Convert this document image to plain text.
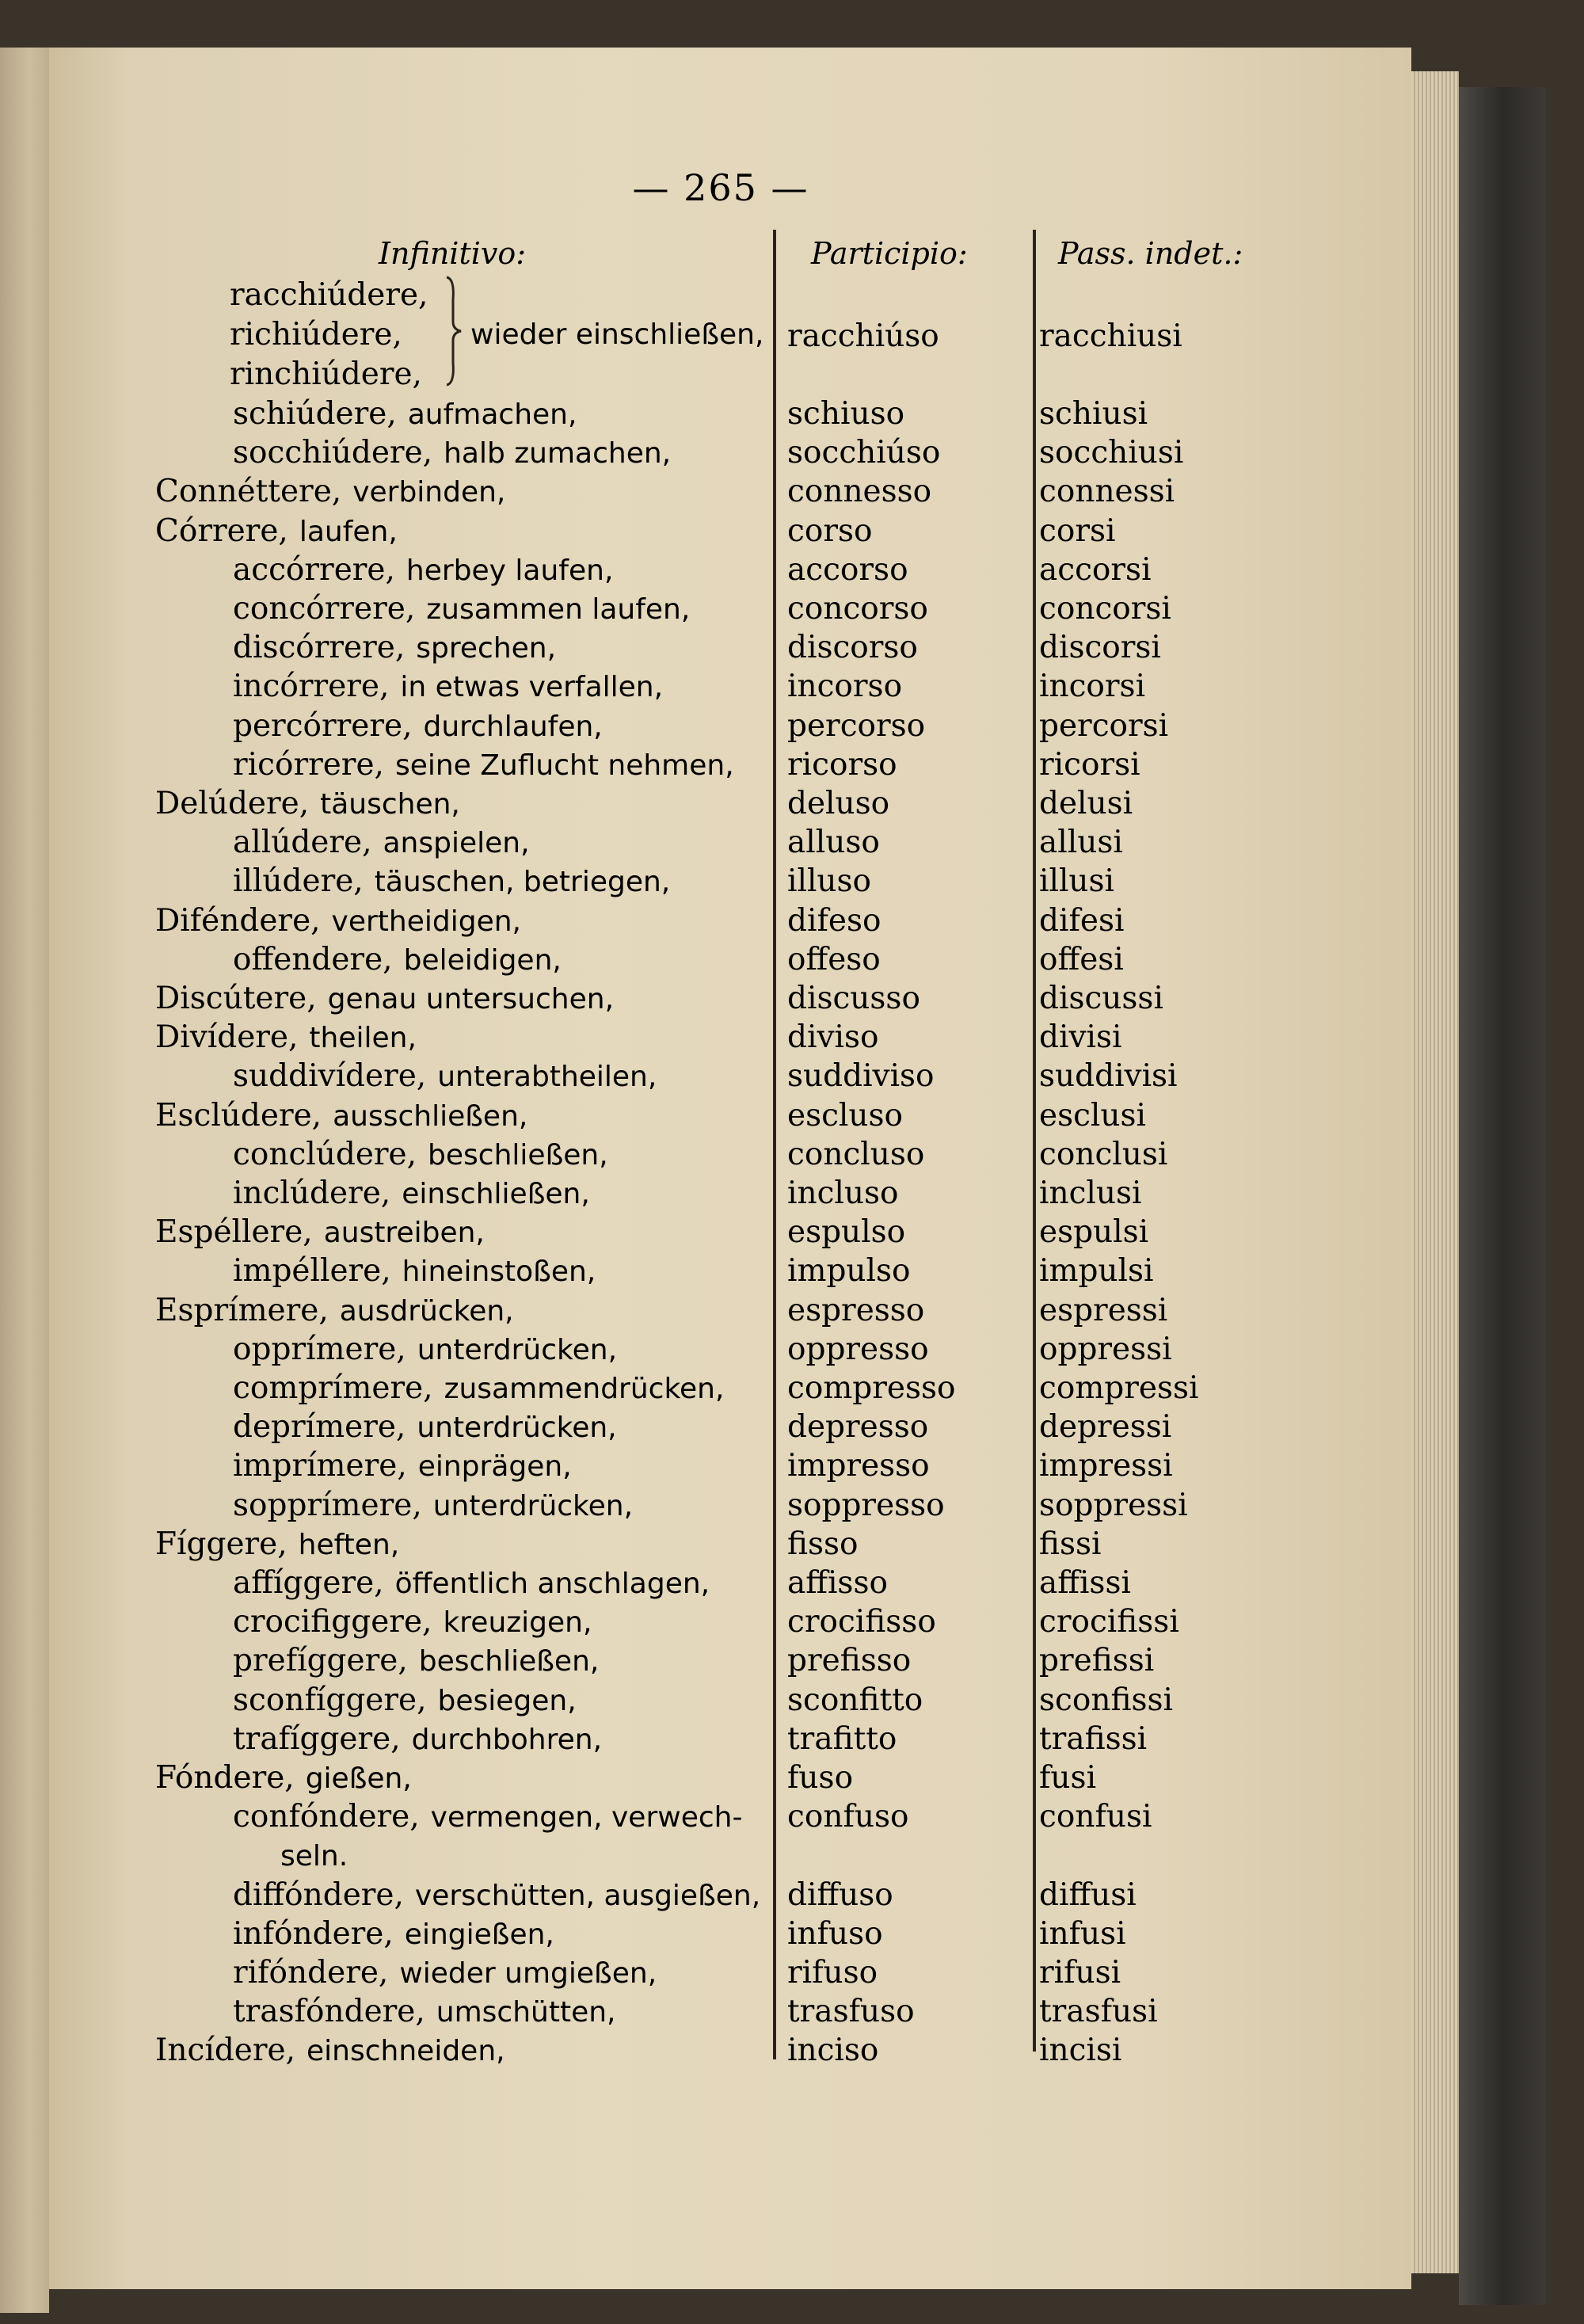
— 265 —
Infinitivo:	Participio:	Pass. indet.:
racchiúdere,
richiúdere,
rinchiúdere,
wieder einschließen, racchiúso	racchiusi
schiúdere, aufmachen,	schiuso	schiusi
socchiúdere, halb zumachen,	socchiúso	socchiusi
Connéttere, verbinden,	connesso	connessi
Córrere, laufen,	corso	corsi
accórrere, herbey laufen,	accorso	accorsi
concórrere, zusammen laufen,	concorso	concorsi
discórrere, sprechen,	discorso	discorsi
incórrere, in etwas verfallen,	incorso	incorsi
percórrere, durchlaufen,	percorso	percorsi
ricórrere, seine Zuflucht nehmen, ricorso	ricorsi
Delúdere, täuschen,	deluso	delusi
allúdere, anspielen,	alluso	allusi
illúdere, täuschen, betriegen,	illuso	illusi
Diféndere, vertheidigen,	difeso	difesi
offendere, beleidigen,	offeso	offesi
Discútere, genau untersuchen,	discusso	discussi
Divídere, theilen,	diviso	divisi
suddivídere, unterabtheilen,	suddiviso	suddivisi
Esclúdere, ausschließen,	escluso	esclusi
conclúdere, beschließen,	concluso	conclusi
inclúdere, einschließen,	incluso	inclusi
Espéllere, austreiben,	espulso	espulsi
impéllere, hineinstoßen,	impulso	impulsi
Esprímere, ausdrücken,	espresso	espressi
opprímere, unterdrücken,	oppresso	oppressi
comprímere, zusammendrücken, compresso	compressi
deprímere, unterdrücken,	depresso	depressi
imprímere, einprägen,	impresso	impressi
sopprímere, unterdrücken,	soppresso	soppressi
Fíggere, heften,	fisso	fissi
affíggere, öffentlich anschlagen,	affisso	affissi
crocifiggere, kreuzigen,	crocifisso	crocifissi
prefíggere, beschließen,	prefisso	prefissi
sconfíggere, besiegen,	sconfitto	sconfissi
trafíggere, durchbohren,	trafitto	trafissi
Fóndere, gießen,	fuso	fusi
confóndere, vermengen, verwech- confuso	confusi
seln.
diffóndere, verschütten, ausgießen, diffuso	diffusi
infóndere, eingießen,	infuso	infusi
rifóndere, wieder umgießen,	rifuso	rifusi
trasfóndere, umschütten,	trasfuso	trasfusi
Incídere, einschneiden,	inciso	incisi
